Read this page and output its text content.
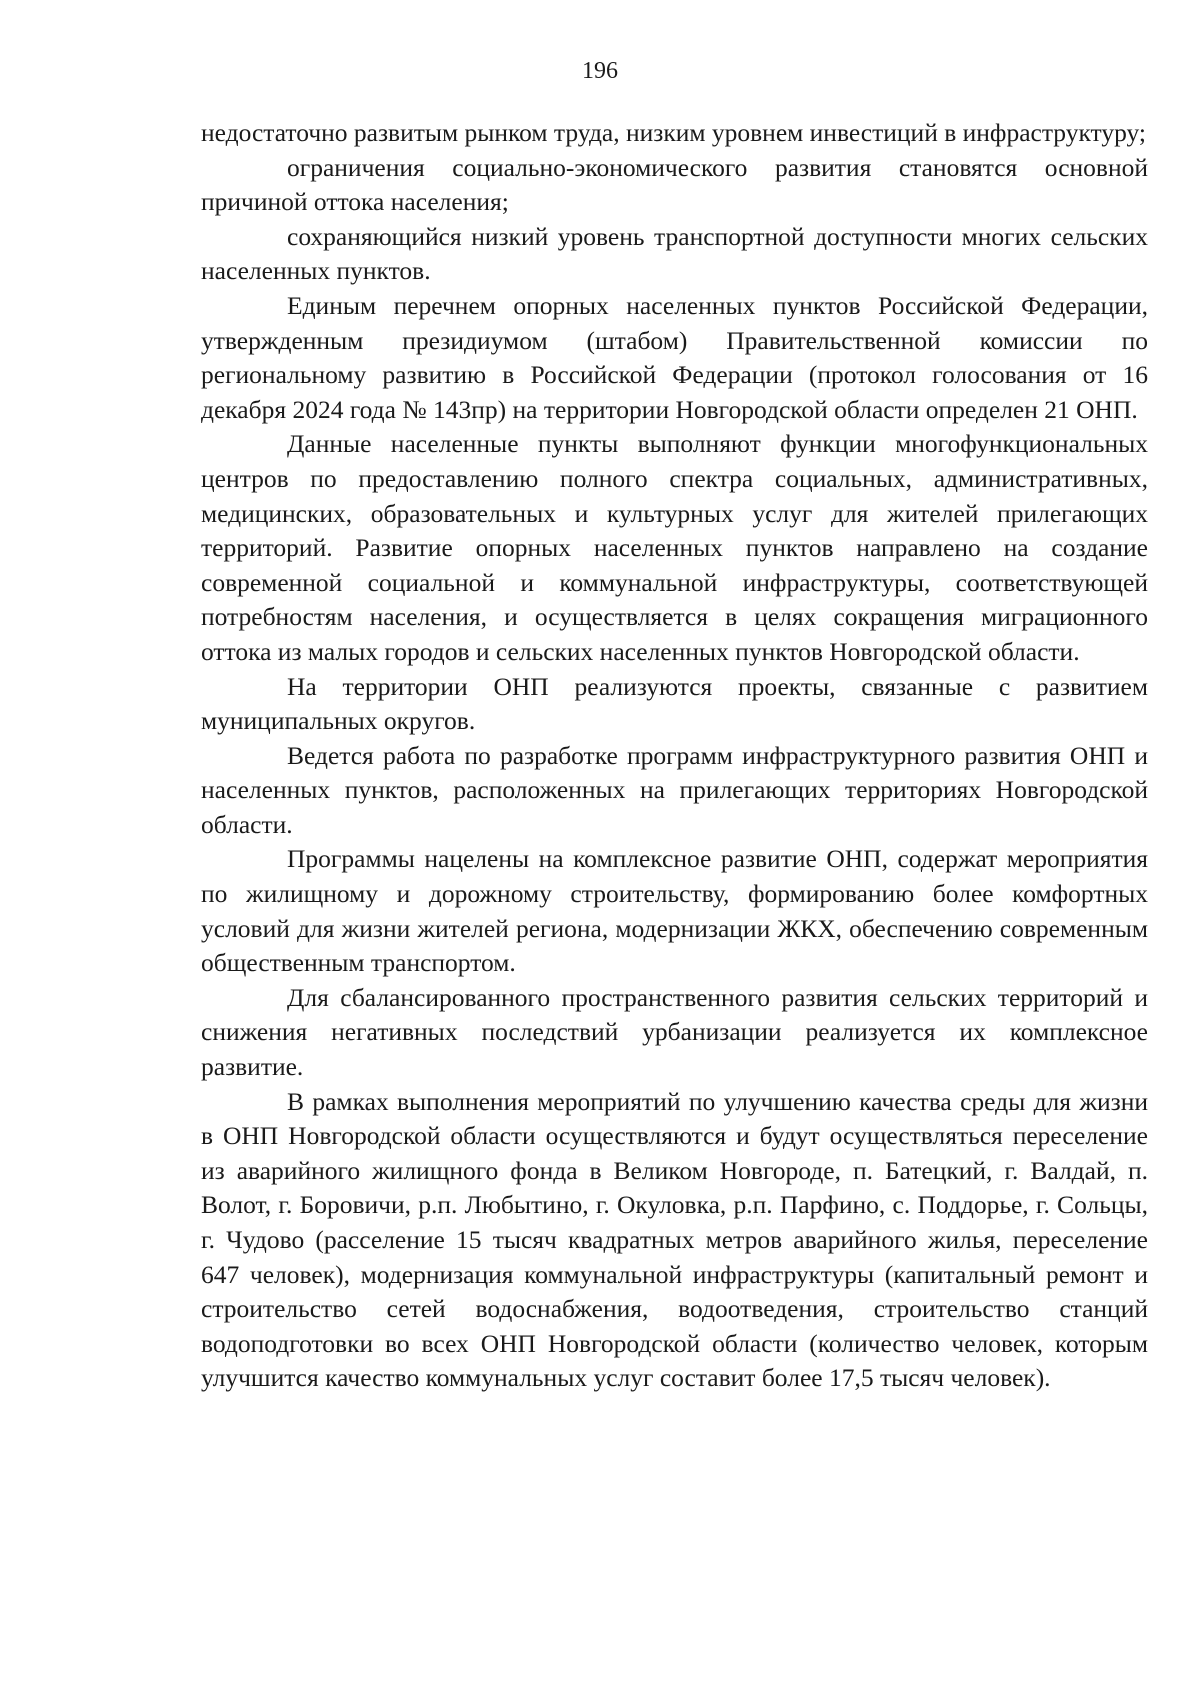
196

недостаточно развитым рынком труда, низким уровнем инвестиций в инфраструктуру;

ограничения социально-экономического развития становятся основной причиной оттока населения;

сохраняющийся низкий уровень транспортной доступности многих сельских населенных пунктов.

Единым перечнем опорных населенных пунктов Российской Федерации, утвержденным президиумом (штабом) Правительственной комиссии по региональному развитию в Российской Федерации (протокол голосования от 16 декабря 2024 года № 143пр) на территории Новгородской области определен 21 ОНП.

Данные населенные пункты выполняют функции многофункциональных центров по предоставлению полного спектра социальных, административных, медицинских, образовательных и культурных услуг для жителей прилегающих территорий. Развитие опорных населенных пунктов направлено на создание современной социальной и коммунальной инфраструктуры, соответствующей потребностям населения, и осуществляется в целях сокращения миграционного оттока из малых городов и сельских населенных пунктов Новгородской области.

На территории ОНП реализуются проекты, связанные с развитием муниципальных округов.

Ведется работа по разработке программ инфраструктурного развития ОНП и населенных пунктов, расположенных на прилегающих территориях Новгородской области.

Программы нацелены на комплексное развитие ОНП, содержат мероприятия по жилищному и дорожному строительству, формированию более комфортных условий для жизни жителей региона, модернизации ЖКХ, обеспечению современным общественным транспортом.

Для сбалансированного пространственного развития сельских территорий и снижения негативных последствий урбанизации реализуется их комплексное развитие.

В рамках выполнения мероприятий по улучшению качества среды для жизни в ОНП Новгородской области осуществляются и будут осуществляться переселение из аварийного жилищного фонда в Великом Новгороде, п. Батецкий, г. Валдай, п. Волот, г. Боровичи, р.п. Любытино, г. Окуловка, р.п. Парфино, с. Поддорье, г. Сольцы, г. Чудово (расселение 15 тысяч квадратных метров аварийного жилья, переселение 647 человек), модернизация коммунальной инфраструктуры (капитальный ремонт и строительство сетей водоснабжения, водоотведения, строительство станций водоподготовки во всех ОНП Новгородской области (количество человек, которым улучшится качество коммунальных услуг составит более 17,5 тысяч человек).
